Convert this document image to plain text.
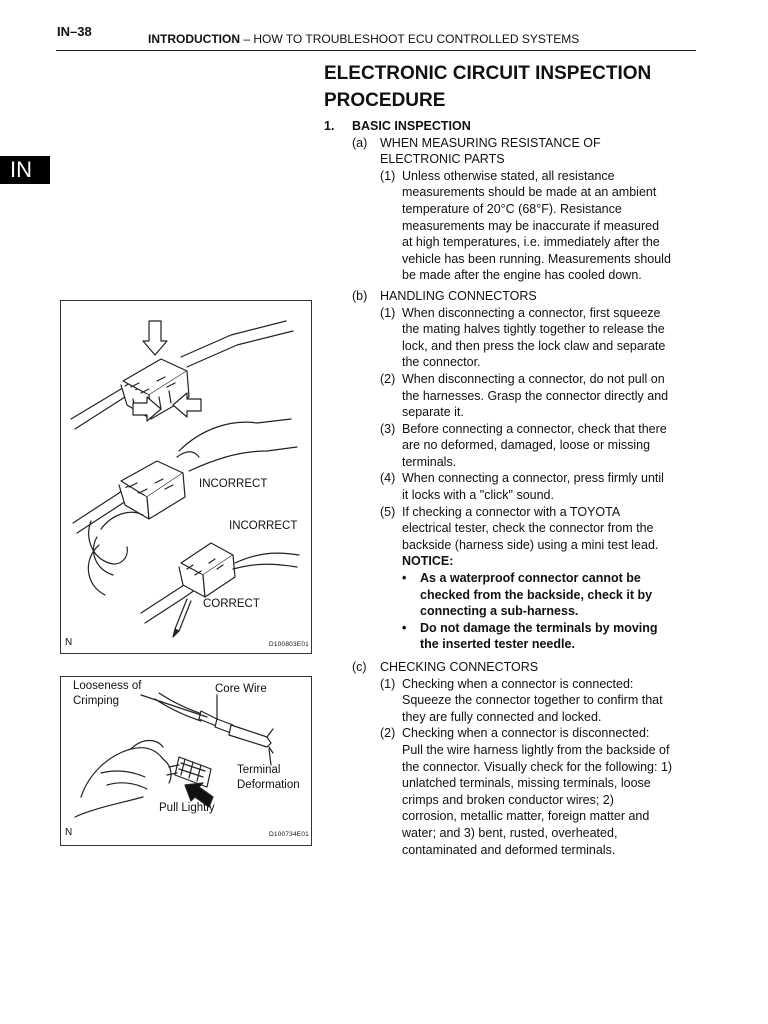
IN–38	INTRODUCTION – HOW TO TROUBLESHOOT ECU CONTROLLED SYSTEMS
IN
ELECTRONIC CIRCUIT INSPECTION
PROCEDURE
1.	BASIC INSPECTION
(a)	WHEN MEASURING RESISTANCE OF
ELECTRONIC PARTS
(1) Unless otherwise stated, all resistance
measurements should be made at an ambient
temperature of 20°C (68°F). Resistance
measurements may be inaccurate if measured
at high temperatures, i.e. immediately after the
vehicle has been running. Measurements should
be made after the engine has cooled down.
(b)	HANDLING CONNECTORS
(1) When disconnecting a connector, first squeeze
the mating halves tightly together to release the
lock, and then press the lock claw and separate
the connector.
(2) When disconnecting a connector, do not pull on
the harnesses. Grasp the connector directly and
separate it.
(3) Before connecting a connector, check that there
are no deformed, damaged, loose or missing
terminals.
(4) When connecting a connector, press firmly until
it locks with a "click" sound.
(5) If checking a connector with a TOYOTA
electrical tester, check the connector from the
backside (harness side) using a mini test lead.
NOTICE:
•	As a waterproof connector cannot be
checked from the backside, check it by
connecting a sub-harness.
•	Do not damage the terminals by moving
the inserted tester needle.
(c)	CHECKING CONNECTORS
(1) Checking when a connector is connected:
Squeeze the connector together to confirm that
they are fully connected and locked.
(2) Checking when a connector is disconnected:
Pull the wire harness lightly from the backside of
the connector. Visually check for the following: 1)
unlatched terminals, missing terminals, loose
crimps and broken conductor wires; 2)
corrosion, metallic matter, foreign matter and
water; and 3) bent, rusted, overheated,
contaminated and deformed terminals.
INCORRECT
INCORRECT
CORRECT
N	D100803E01
Looseness of
Crimping
Core Wire
Terminal
Deformation
Pull Lightly
N	D100734E01
